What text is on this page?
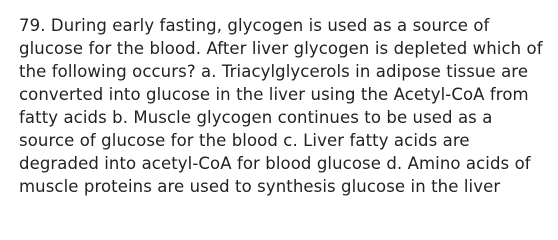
79. During early fasting, glycogen is used as a source of glucose for the blood. After liver glycogen is depleted which of the following occurs? a. Triacylglycerols in adipose tissue are converted into glucose in the liver using the Acetyl-CoA from fatty acids b. Muscle glycogen continues to be used as a source of glucose for the blood c. Liver fatty acids are degraded into acetyl-CoA for blood glucose d. Amino acids of muscle proteins are used to synthesis glucose in the liver
